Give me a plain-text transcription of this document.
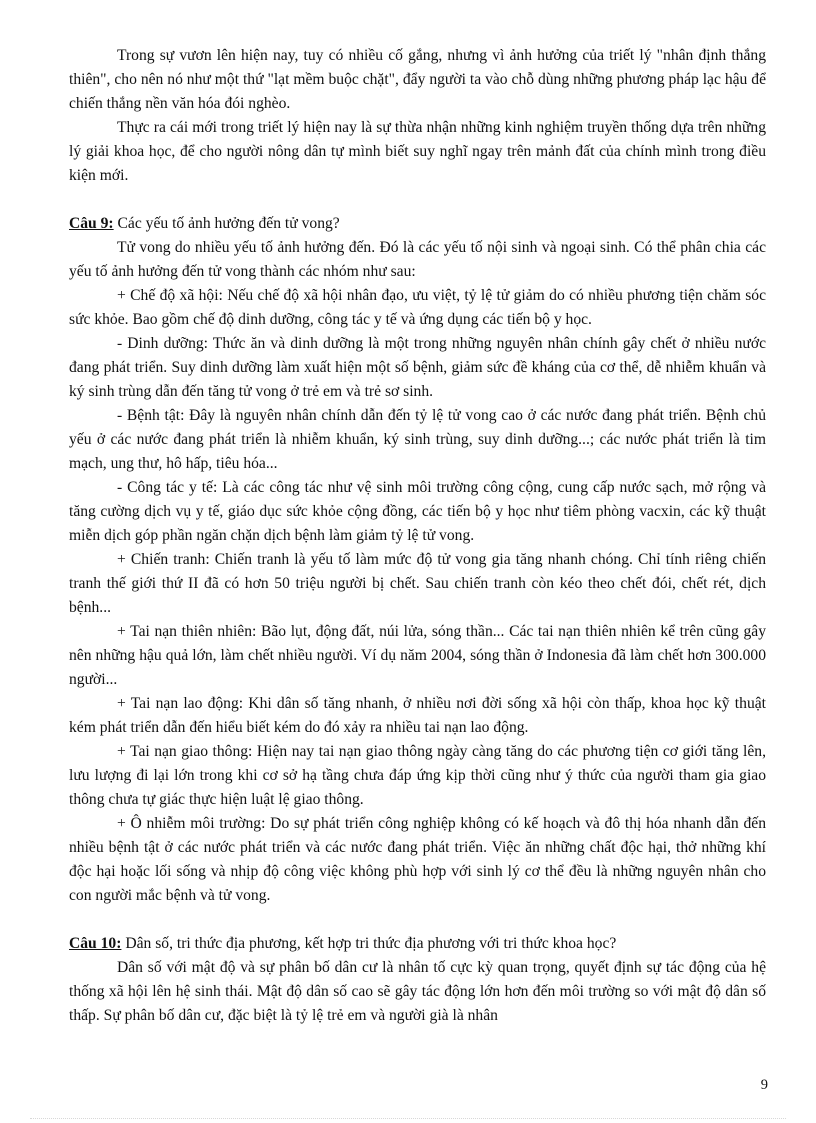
Trong sự vươn lên hiện nay, tuy có nhiều cố gắng, nhưng vì ảnh hưởng của triết lý "nhân định thắng thiên", cho nên nó như một thứ "lạt mềm buộc chặt", đẩy người ta vào chỗ dùng những phương pháp lạc hậu để chiến thắng nền văn hóa đói nghèo.

Thực ra cái mới trong triết lý hiện nay là sự thừa nhận những kinh nghiệm truyền thống dựa trên những lý giải khoa học, để cho người nông dân tự mình biết suy nghĩ ngay trên mảnh đất của chính mình trong điều kiện mới.

Câu 9: Các yếu tố ảnh hưởng đến tử vong?

Tử vong do nhiều yếu tố ảnh hưởng đến. Đó là các yếu tố nội sinh và ngoại sinh. Có thể phân chia các yếu tố ảnh hưởng đến tử vong thành các nhóm như sau:

+ Chế độ xã hội: Nếu chế độ xã hội nhân đạo, ưu việt, tỷ lệ tử giảm do có nhiều phương tiện chăm sóc sức khỏe. Bao gồm chế độ dinh dưỡng, công tác y tế và ứng dụng các tiến bộ y học.

- Dinh dưỡng: Thức ăn và dinh dưỡng là một trong những nguyên nhân chính gây chết ở nhiều nước đang phát triển. Suy dinh dưỡng làm xuất hiện một số bệnh, giảm sức đề kháng của cơ thể, dễ nhiễm khuẩn và ký sinh trùng dẫn đến tăng tử vong ở trẻ em và trẻ sơ sinh.

- Bệnh tật: Đây là nguyên nhân chính dẫn đến tỷ lệ tử vong cao ở các nước đang phát triển. Bệnh chủ yếu ở các nước đang phát triển là nhiễm khuẩn, ký sinh trùng, suy dinh dưỡng...; các nước phát triển là tim mạch, ung thư, hô hấp, tiêu hóa...

- Công tác y tế: Là các công tác như vệ sinh môi trường công cộng, cung cấp nước sạch, mở rộng và tăng cường dịch vụ y tế, giáo dục sức khỏe cộng đồng, các tiến bộ y học như tiêm phòng vacxin, các kỹ thuật miễn dịch góp phần ngăn chặn dịch bệnh làm giảm tỷ lệ tử vong.

+ Chiến tranh: Chiến tranh là yếu tố làm mức độ tử vong gia tăng nhanh chóng. Chỉ tính riêng chiến tranh thế giới thứ II đã có hơn 50 triệu người bị chết. Sau chiến tranh còn kéo theo chết đói, chết rét, dịch bệnh...

+ Tai nạn thiên nhiên: Bão lụt, động đất, núi lửa, sóng thần... Các tai nạn thiên nhiên kể trên cũng gây nên những hậu quả lớn, làm chết nhiều người. Ví dụ năm 2004, sóng thần ở Indonesia đã làm chết hơn 300.000 người...

+ Tai nạn lao động: Khi dân số tăng nhanh, ở nhiều nơi đời sống xã hội còn thấp, khoa học kỹ thuật kém phát triển dẫn đến hiểu biết kém do đó xảy ra nhiều tai nạn lao động.

+ Tai nạn giao thông: Hiện nay tai nạn giao thông ngày càng tăng do các phương tiện cơ giới tăng lên, lưu lượng đi lại lớn trong khi cơ sở hạ tầng chưa đáp ứng kịp thời cũng như ý thức của người tham gia giao thông chưa tự giác thực hiện luật lệ giao thông.

+ Ô nhiễm môi trường: Do sự phát triển công nghiệp không có kế hoạch và đô thị hóa nhanh dẫn đến nhiều bệnh tật ở các nước phát triển và các nước đang phát triển. Việc ăn những chất độc hại, thở những khí độc hại hoặc lối sống và nhịp độ công việc không phù hợp với sinh lý cơ thể đều là những nguyên nhân cho con người mắc bệnh và tử vong.

Câu 10: Dân số, tri thức địa phương, kết hợp tri thức địa phương với tri thức khoa học?

Dân số với mật độ và sự phân bố dân cư là nhân tố cực kỳ quan trọng, quyết định sự tác động của hệ thống xã hội lên hệ sinh thái. Mật độ dân số cao sẽ gây tác động lớn hơn đến môi trường so với mật độ dân số thấp. Sự phân bố dân cư, đặc biệt là tỷ lệ trẻ em và người già là nhân

9
